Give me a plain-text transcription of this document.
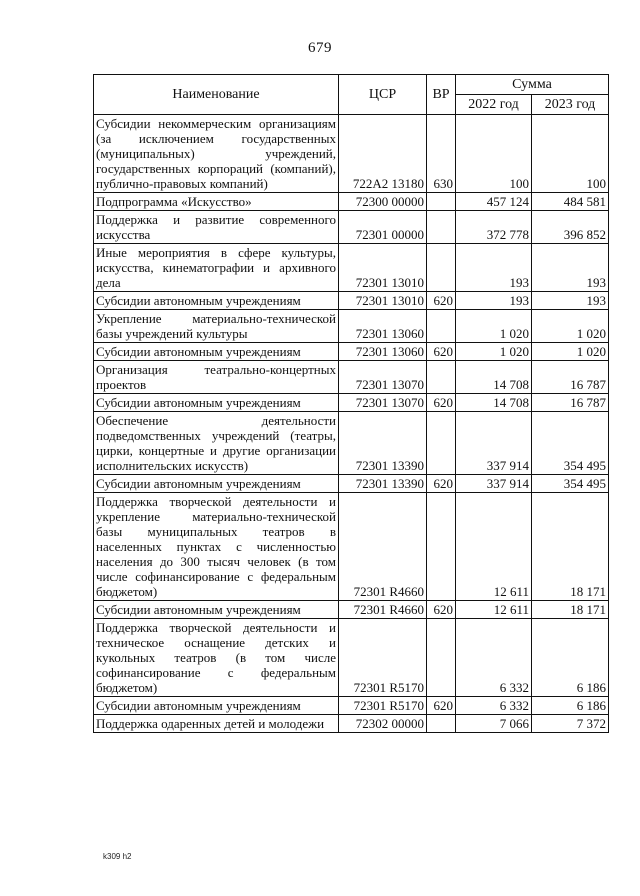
679
Наименование	ЦСР	ВР	Сумма	
			2022 год	2023 год
Субсидии некоммерческим организациям (за исключением государственных (муниципальных) учреждений, государственных корпораций (компаний), публично-правовых компаний)	722А2 13180	630	100	100
Подпрограмма «Искусство»	72300 00000		457 124	484 581
Поддержка и развитие современного искусства	72301 00000		372 778	396 852
Иные мероприятия в сфере культуры, искусства, кинематографии и архивного дела	72301 13010		193	193
Субсидии автономным учреждениям	72301 13010	620	193	193
Укрепление материально-технической базы учреждений культуры	72301 13060		1 020	1 020
Субсидии автономным учреждениям	72301 13060	620	1 020	1 020
Организация театрально-концертных проектов	72301 13070		14 708	16 787
Субсидии автономным учреждениям	72301 13070	620	14 708	16 787
Обеспечение деятельности подведомственных учреждений (театры, цирки, концертные и другие организации исполнительских искусств)	72301 13390		337 914	354 495
Субсидии автономным учреждениям	72301 13390	620	337 914	354 495
Поддержка творческой деятельности и укрепление материально-технической базы муниципальных театров в населенных пунктах с численностью населения до 300 тысяч человек (в том числе софинансирование с федеральным бюджетом)	72301 R4660		12 611	18 171
Субсидии автономным учреждениям	72301 R4660	620	12 611	18 171
Поддержка творческой деятельности и техническое оснащение детских и кукольных театров (в том числе софинансирование с федеральным бюджетом)	72301 R5170		6 332	6 186
Субсидии автономным учреждениям	72301 R5170	620	6 332	6 186
Поддержка одаренных детей и молодежи	72302 00000		7 066	7 372
k309 h2
